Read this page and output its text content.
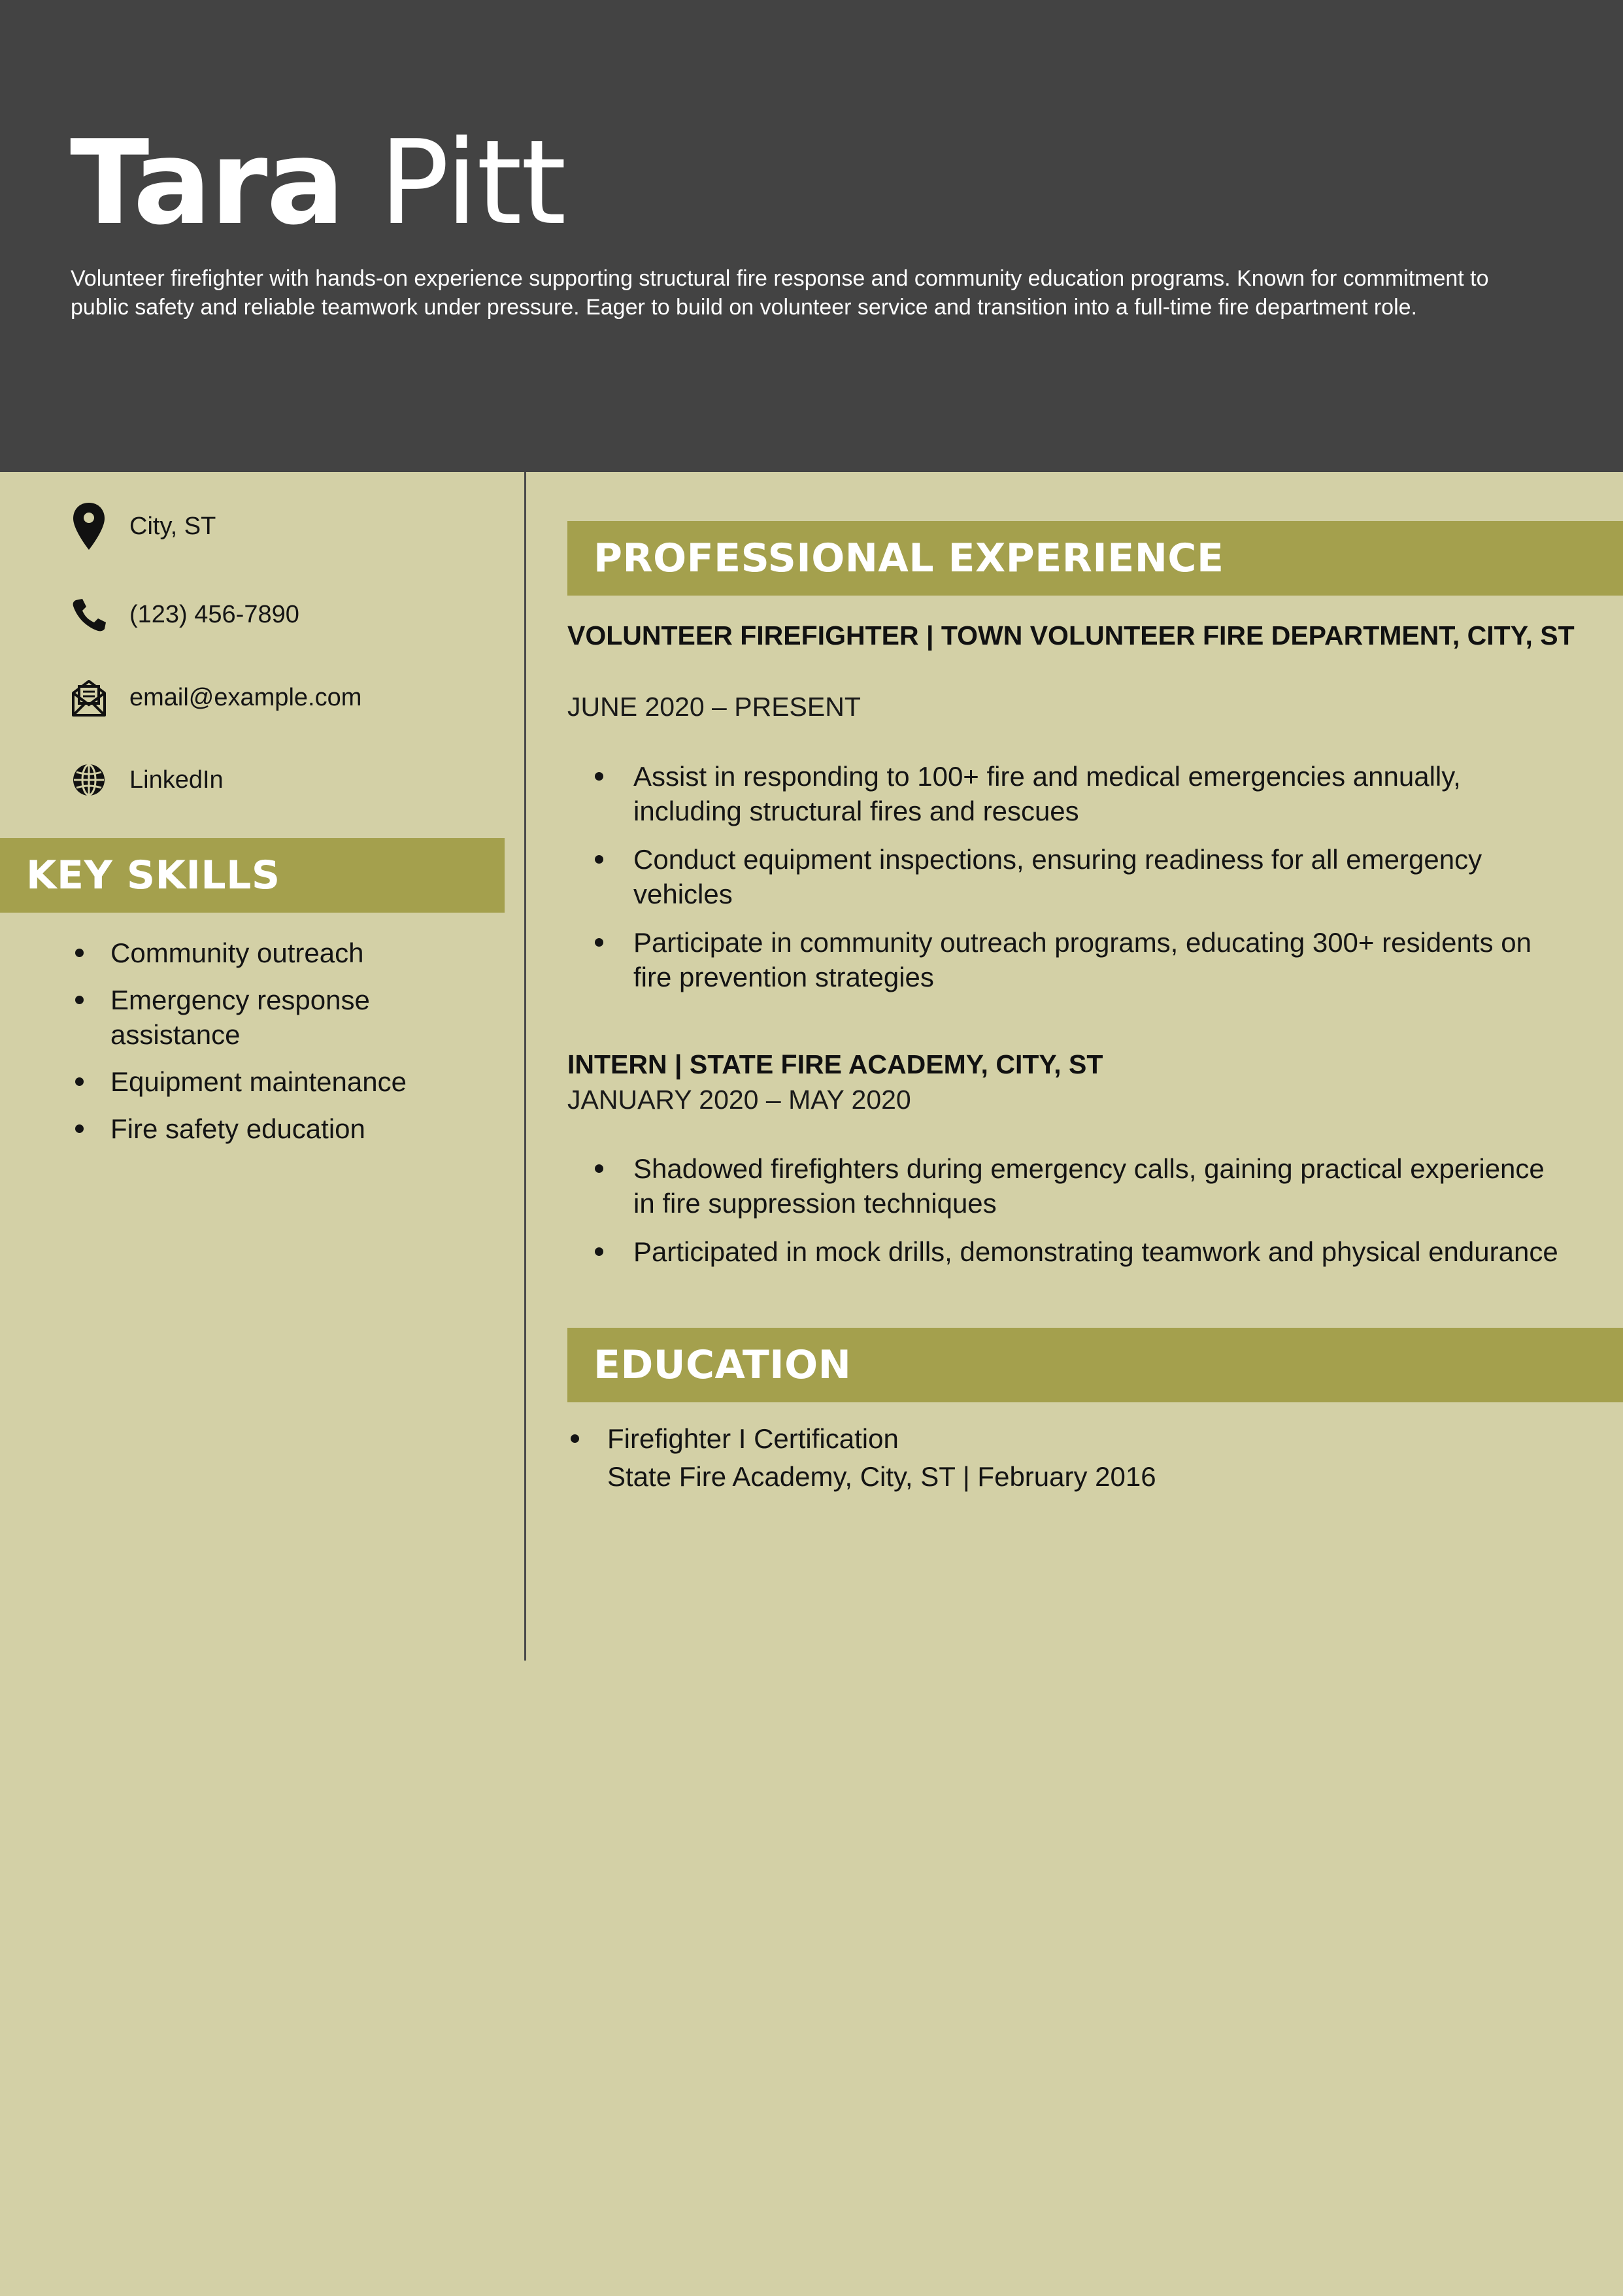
Tara Pitt
Volunteer firefighter with hands-on experience supporting structural fire response and community education programs. Known for commitment to public safety and reliable teamwork under pressure. Eager to build on volunteer service and transition into a full-time fire department role.
City, ST
(123) 456-7890
email@example.com
LinkedIn
KEY SKILLS
Community outreach
Emergency response assistance
Equipment maintenance
Fire safety education
PROFESSIONAL EXPERIENCE
VOLUNTEER FIREFIGHTER | TOWN VOLUNTEER FIRE DEPARTMENT, CITY, ST
JUNE 2020 – PRESENT
Assist in responding to 100+ fire and medical emergencies annually, including structural fires and rescues
Conduct equipment inspections, ensuring readiness for all emergency vehicles
Participate in community outreach programs, educating 300+ residents on fire prevention strategies
INTERN | STATE FIRE ACADEMY, CITY, ST
JANUARY 2020 – MAY 2020
Shadowed firefighters during emergency calls, gaining practical experience in fire suppression techniques
Participated in mock drills, demonstrating teamwork and physical endurance
EDUCATION
Firefighter I Certification
State Fire Academy, City, ST | February 2016
